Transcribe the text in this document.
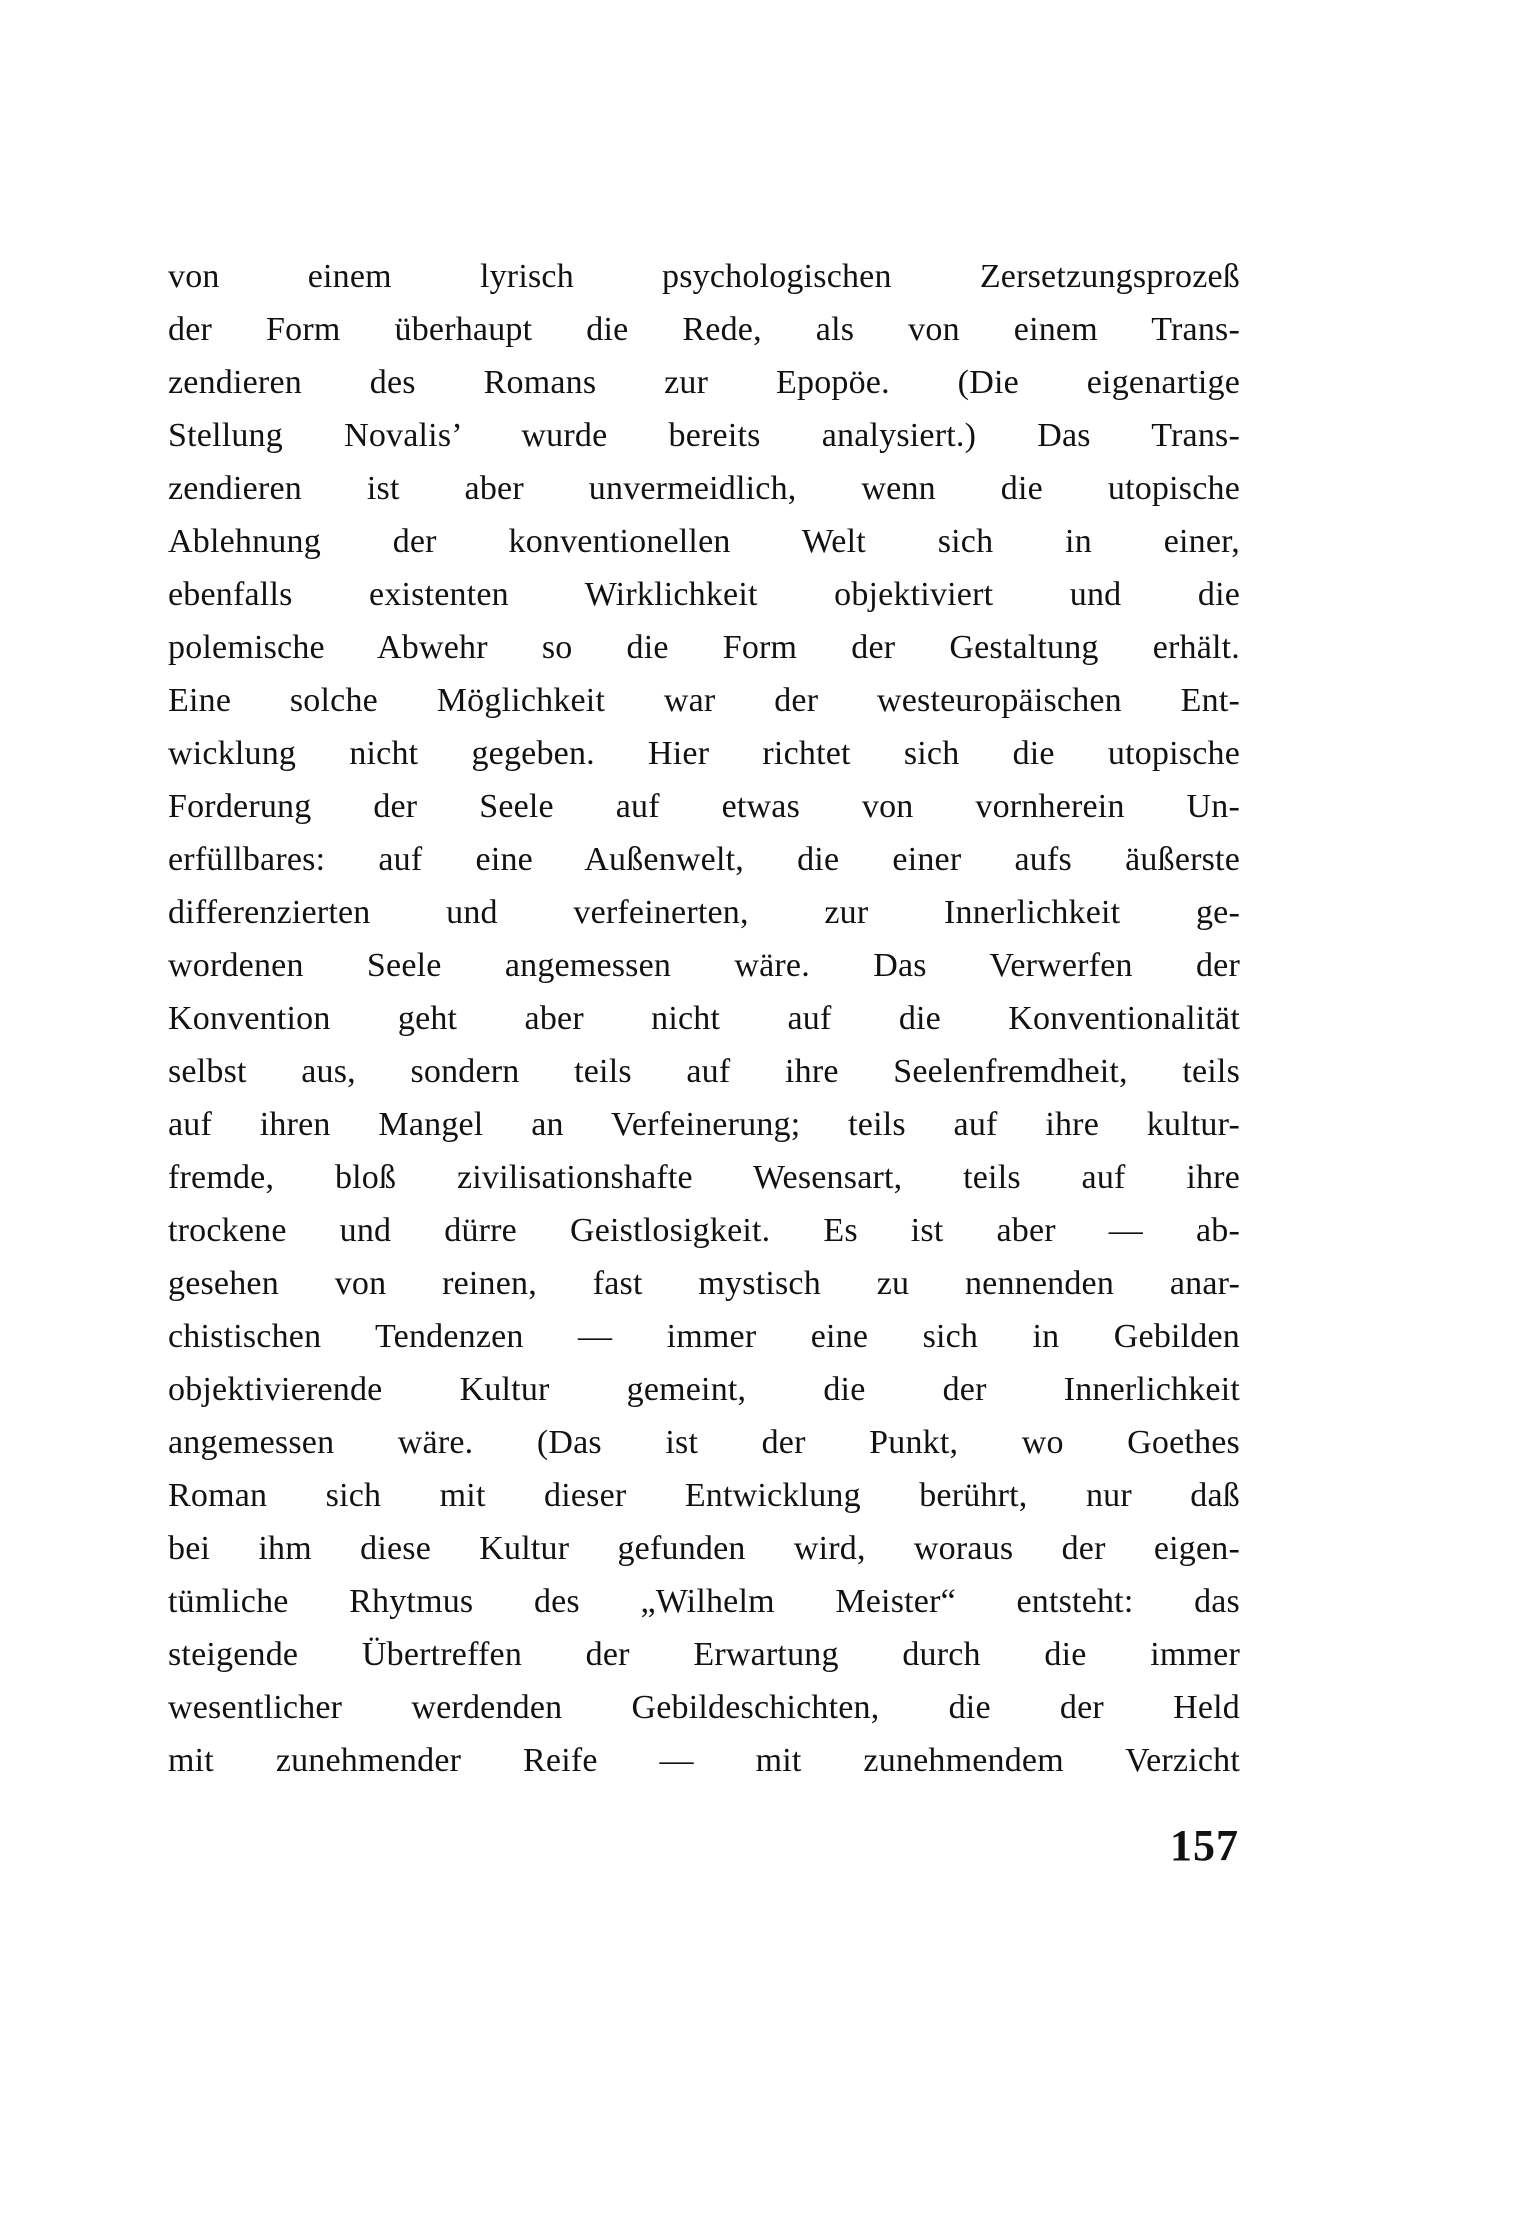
von einem lyrisch psychologischen Zersetzungsprozeß
der Form überhaupt die Rede, als von einem Trans-
zendieren des Romans zur Epopöe. (Die eigenartige
Stellung Novalis’ wurde bereits analysiert.) Das Trans-
zendieren ist aber unvermeidlich, wenn die utopische
Ablehnung der konventionellen Welt sich in einer,
ebenfalls existenten Wirklichkeit objektiviert und die
polemische Abwehr so die Form der Gestaltung erhält.
Eine solche Möglichkeit war der westeuropäischen Ent-
wicklung nicht gegeben. Hier richtet sich die utopische
Forderung der Seele auf etwas von vornherein Un-
erfüllbares: auf eine Außenwelt, die einer aufs äußerste
differenzierten und verfeinerten, zur Innerlichkeit ge-
wordenen Seele angemessen wäre. Das Verwerfen der
Konvention geht aber nicht auf die Konventionalität
selbst aus, sondern teils auf ihre Seelenfremdheit, teils
auf ihren Mangel an Verfeinerung; teils auf ihre kultur-
fremde, bloß zivilisationshafte Wesensart, teils auf ihre
trockene und dürre Geistlosigkeit. Es ist aber — ab-
gesehen von reinen, fast mystisch zu nennenden anar-
chistischen Tendenzen — immer eine sich in Gebilden
objektivierende Kultur gemeint, die der Innerlichkeit
angemessen wäre. (Das ist der Punkt, wo Goethes
Roman sich mit dieser Entwicklung berührt, nur daß
bei ihm diese Kultur gefunden wird, woraus der eigen-
tümliche Rhytmus des „Wilhelm Meister“ entsteht: das
steigende Übertreffen der Erwartung durch die immer
wesentlicher werdenden Gebildeschichten, die der Held
mit zunehmender Reife — mit zunehmendem Verzicht
157
